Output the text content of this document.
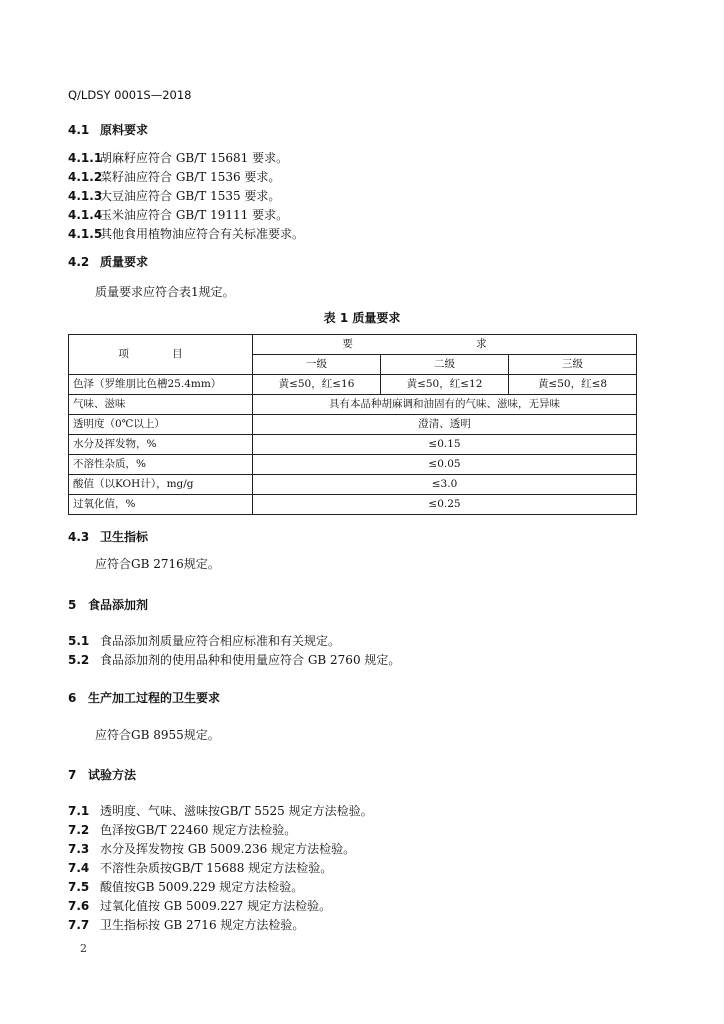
Q/LDSY 0001S—2018
4.1 原料要求
4.1.1胡麻籽应符合 GB/T 15681 要求。
4.1.2菜籽油应符合 GB/T 1536 要求。
4.1.3大豆油应符合 GB/T 1535 要求。
4.1.4玉米油应符合 GB/T 19111 要求。
4.1.5其他食用植物油应符合有关标准要求。
4.2 质量要求
质量要求应符合表1规定。
表 1 质量要求
项 目	要 求		
	一级	二级	三级
色泽（罗维朋比色槽25.4mm）	黄≤50，红≤16	黄≤50，红≤12	黄≤50，红≤8
气味、滋味	具有本品种胡麻调和油固有的气味、滋味，无异味		
透明度（0℃以上）	澄清、透明		
水分及挥发物，%	≤0.15		
不溶性杂质，%	≤0.05		
酸值（以KOH计），mg/g	≤3.0		
过氧化值，%	≤0.25		
4.3 卫生指标
应符合GB 2716规定。
5 食品添加剂
5.1 食品添加剂质量应符合相应标准和有关规定。
5.2 食品添加剂的使用品种和使用量应符合 GB 2760 规定。
6 生产加工过程的卫生要求
应符合GB 8955规定。
7 试验方法
7.1 透明度、气味、滋味按GB/T 5525 规定方法检验。
7.2 色泽按GB/T 22460 规定方法检验。
7.3 水分及挥发物按 GB 5009.236 规定方法检验。
7.4 不溶性杂质按GB/T 15688 规定方法检验。
7.5 酸值按GB 5009.229 规定方法检验。
7.6 过氧化值按 GB 5009.227 规定方法检验。
7.7 卫生指标按 GB 2716 规定方法检验。
2
